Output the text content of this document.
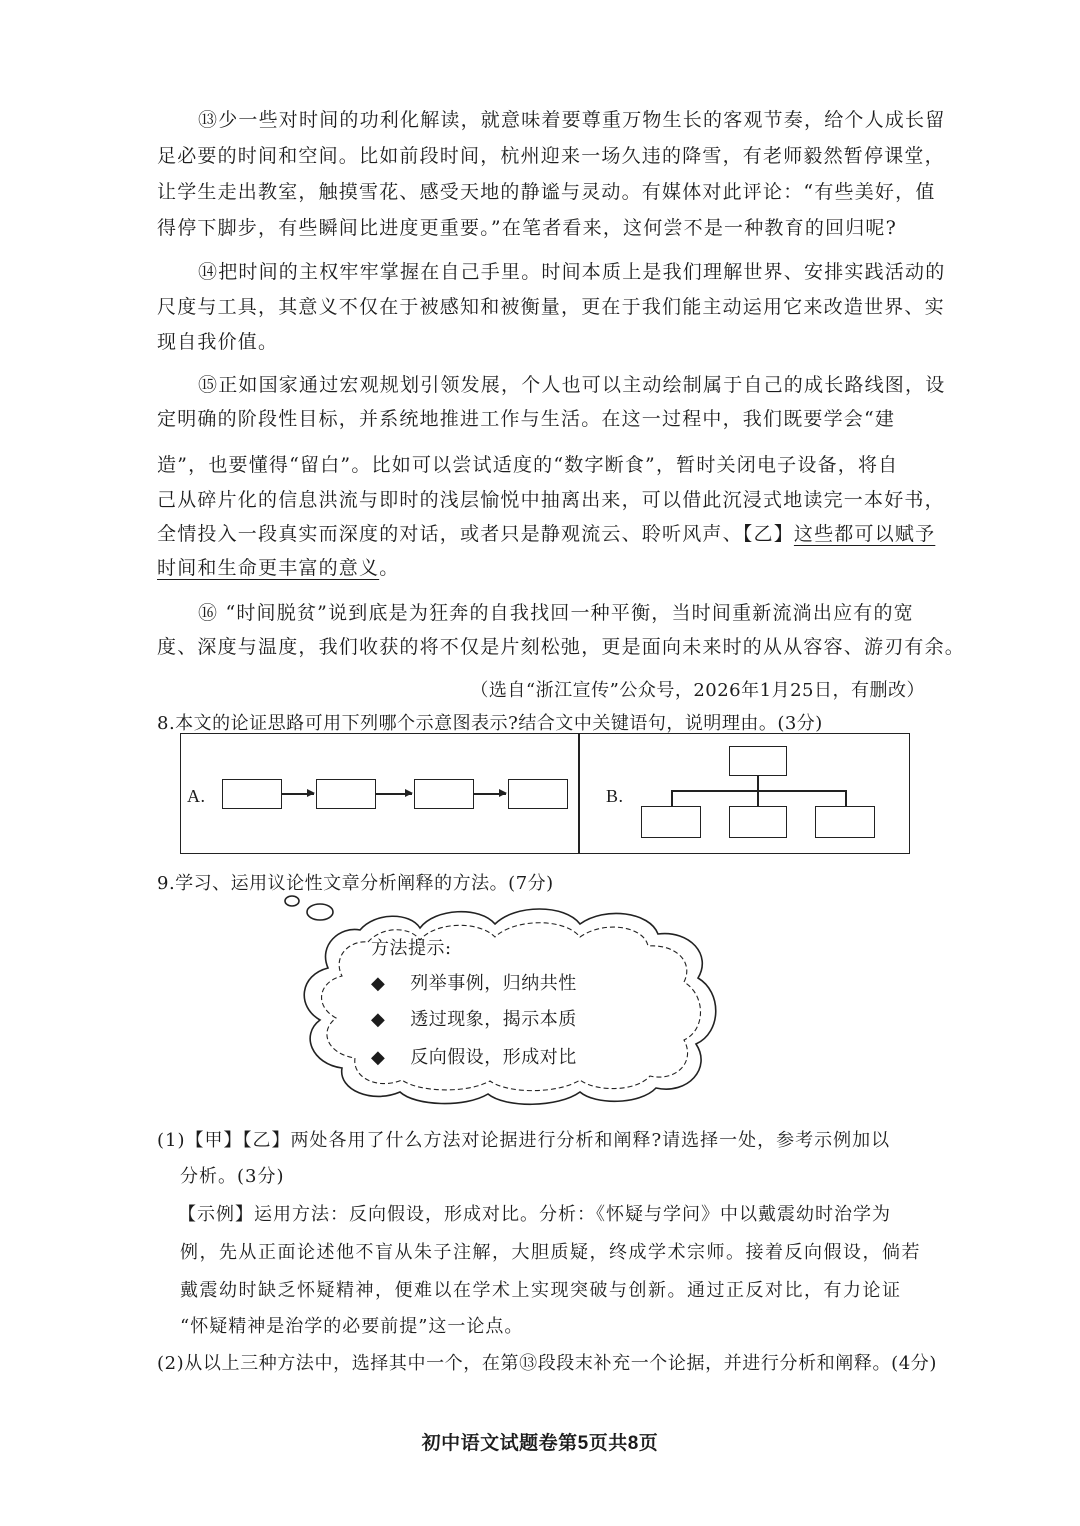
⑬少一些对时间的功利化解读，就意味着要尊重万物生长的客观节奏，给个人成长留
足必要的时间和空间。比如前段时间，杭州迎来一场久违的降雪，有老师毅然暂停课堂，
让学生走出教室，触摸雪花、感受天地的静谧与灵动。有媒体对此评论：“有些美好，值
得停下脚步，有些瞬间比进度更重要。”在笔者看来，这何尝不是一种教育的回归呢?
⑭把时间的主权牢牢掌握在自己手里。时间本质上是我们理解世界、安排实践活动的
尺度与工具，其意义不仅在于被感知和被衡量，更在于我们能主动运用它来改造世界、实
现自我价值。
⑮正如国家通过宏观规划引领发展，个人也可以主动绘制属于自己的成长路线图，设
定明确的阶段性目标，并系统地推进工作与生活。在这一过程中，我们既要学会“建
造”，也要懂得“留白”。比如可以尝试适度的“数字断食”，暂时关闭电子设备，将自
己从碎片化的信息洪流与即时的浅层愉悦中抽离出来，可以借此沉浸式地读完一本好书，
全情投入一段真实而深度的对话，或者只是静观流云、聆听风声、【乙】这些都可以赋予
时间和生命更丰富的意义。
⑯ “时间脱贫”说到底是为狂奔的自我找回一种平衡，当时间重新流淌出应有的宽
度、深度与温度，我们收获的将不仅是片刻松弛，更是面向未来时的从从容容、游刃有余。
（选自“浙江宣传”公众号，2026年1月25日，有删改）
8.本文的论证思路可用下列哪个示意图表示?结合文中关键语句，说明理由。(3分)
A.	B.
9.学习、运用议论性文章分析阐释的方法。(7分)
方法提示:
◆ 列举事例，归纳共性
◆ 透过现象，揭示本质
◆ 反向假设，形成对比
(1)【甲】【乙】两处各用了什么方法对论据进行分析和阐释?请选择一处，参考示例加以
分析。(3分)
【示例】运用方法：反向假设，形成对比。分析：《怀疑与学问》中以戴震幼时治学为
例，先从正面论述他不盲从朱子注解，大胆质疑，终成学术宗师。接着反向假设，倘若
戴震幼时缺乏怀疑精神，便难以在学术上实现突破与创新。通过正反对比，有力论证
“怀疑精神是治学的必要前提”这一论点。
(2)从以上三种方法中，选择其中一个，在第⑬段段末补充一个论据，并进行分析和阐释。(4分)
初中语文试题卷第5页共8页
